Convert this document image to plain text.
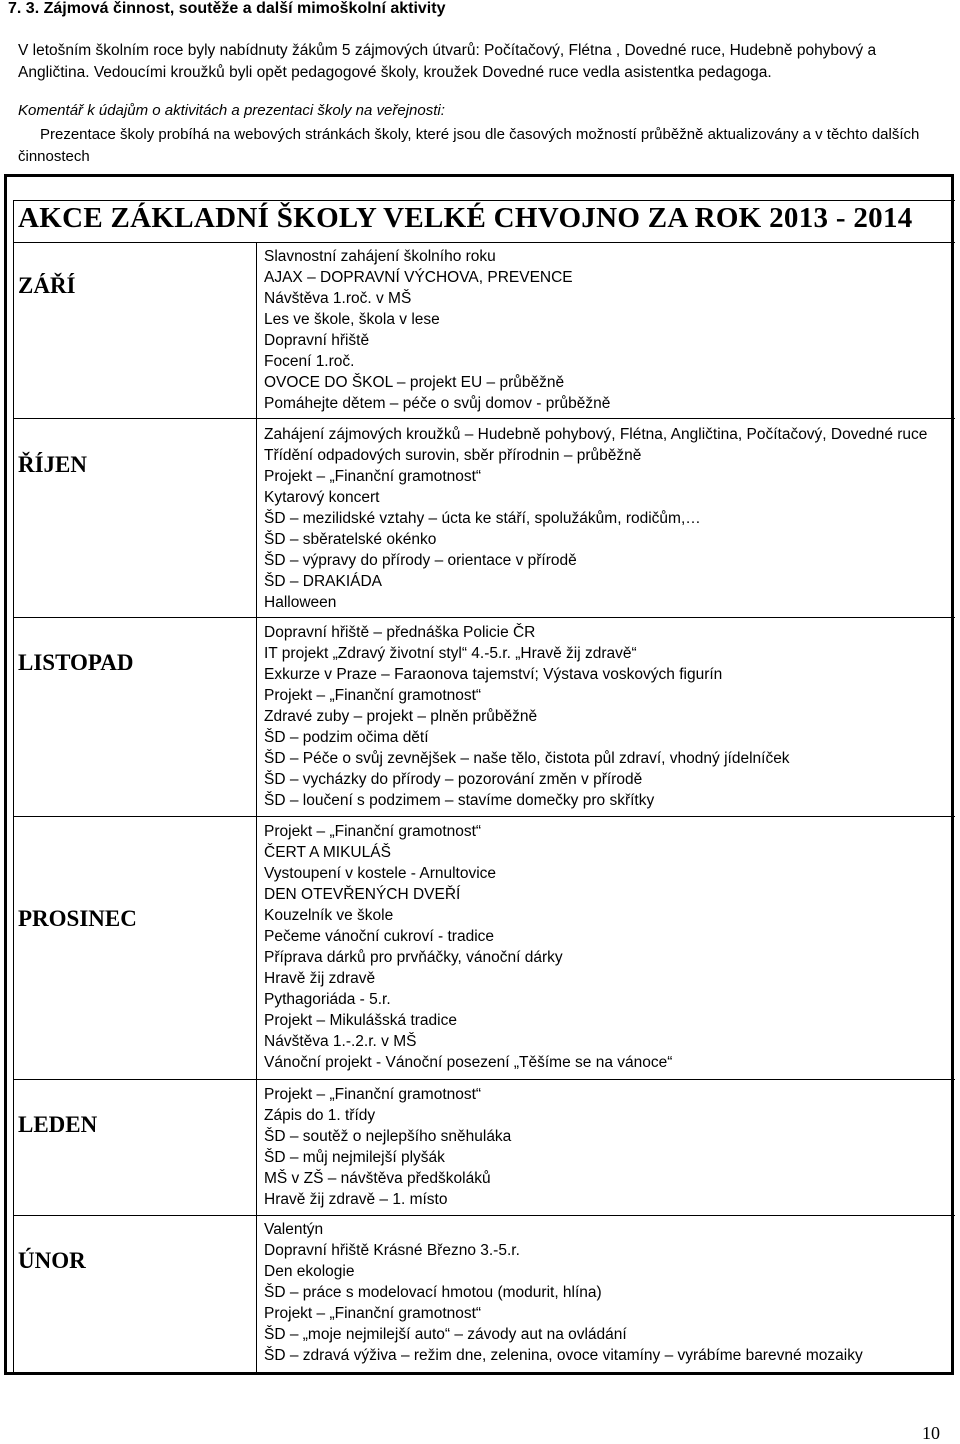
7. 3. Zájmová činnost, soutěže a další mimoškolní aktivity
V letošním školním roce byly nabídnuty žákům 5 zájmových útvarů: Počítačový, Flétna , Dovedné ruce, Hudebně pohybový a Angličtina. Vedoucími kroužků byli opět pedagogové školy, kroužek Dovedné ruce vedla asistentka pedagoga.
Komentář k údajům o aktivitách a prezentaci školy na veřejnosti:
Prezentace školy probíhá na webových stránkách školy, které jsou dle časových možností průběžně aktualizovány a v těchto dalších činnostech
AKCE ZÁKLADNÍ ŠKOLY VELKÉ CHVOJNO ZA ROK 2013 - 2014
ZÁŘÍ
Slavnostní zahájení školního roku
AJAX – DOPRAVNÍ VÝCHOVA, PREVENCE
Návštěva 1.roč. v MŠ
Les ve škole, škola v lese
Dopravní hřiště
Focení 1.roč.
OVOCE DO ŠKOL – projekt EU – průběžně
Pomáhejte dětem – péče o svůj domov - průběžně
ŘÍJEN
Zahájení zájmových kroužků – Hudebně pohybový, Flétna, Angličtina, Počítačový, Dovedné ruce
Třídění odpadových surovin, sběr přírodnin – průběžně
Projekt – „Finanční gramotnost“
Kytarový koncert
ŠD – mezilidské vztahy – úcta ke stáří, spolužákům, rodičům,…
ŠD – sběratelské okénko
ŠD – výpravy do přírody – orientace v přírodě
ŠD – DRAKIÁDA
Halloween
LISTOPAD
Dopravní hřiště – přednáška Policie ČR
IT projekt „Zdravý životní styl“ 4.-5.r. „Hravě žij zdravě“
Exkurze v Praze – Faraonova tajemství; Výstava voskových figurín
Projekt – „Finanční gramotnost“
Zdravé zuby – projekt – plněn průběžně
ŠD – podzim očima dětí
ŠD – Péče o svůj zevnějšek – naše tělo, čistota půl zdraví, vhodný jídelníček
ŠD – vycházky do přírody – pozorování změn v přírodě
ŠD – loučení s podzimem – stavíme domečky pro skřítky
PROSINEC
Projekt – „Finanční gramotnost“
ČERT A MIKULÁŠ
Vystoupení v kostele - Arnultovice
DEN OTEVŘENÝCH DVEŘÍ
Kouzelník ve škole
Pečeme vánoční cukroví - tradice
Příprava dárků pro prvňáčky, vánoční dárky
Hravě žij zdravě
Pythagoriáda - 5.r.
Projekt – Mikulášská tradice
Návštěva 1.-.2.r. v MŠ
Vánoční projekt - Vánoční posezení „Těšíme se na vánoce“
LEDEN
Projekt – „Finanční gramotnost“
Zápis do 1. třídy
ŠD – soutěž o nejlepšího sněhuláka
ŠD – můj nejmilejší plyšák
MŠ v ZŠ – návštěva předškoláků
Hravě žij zdravě – 1. místo
ÚNOR
Valentýn
Dopravní hřiště Krásné Březno 3.-5.r.
Den ekologie
ŠD – práce s modelovací hmotou (modurit, hlína)
Projekt – „Finanční gramotnost“
ŠD – „moje nejmilejší auto“ – závody aut na ovládání
ŠD – zdravá výživa – režim dne, zelenina, ovoce vitamíny – vyrábíme barevné mozaiky
10
